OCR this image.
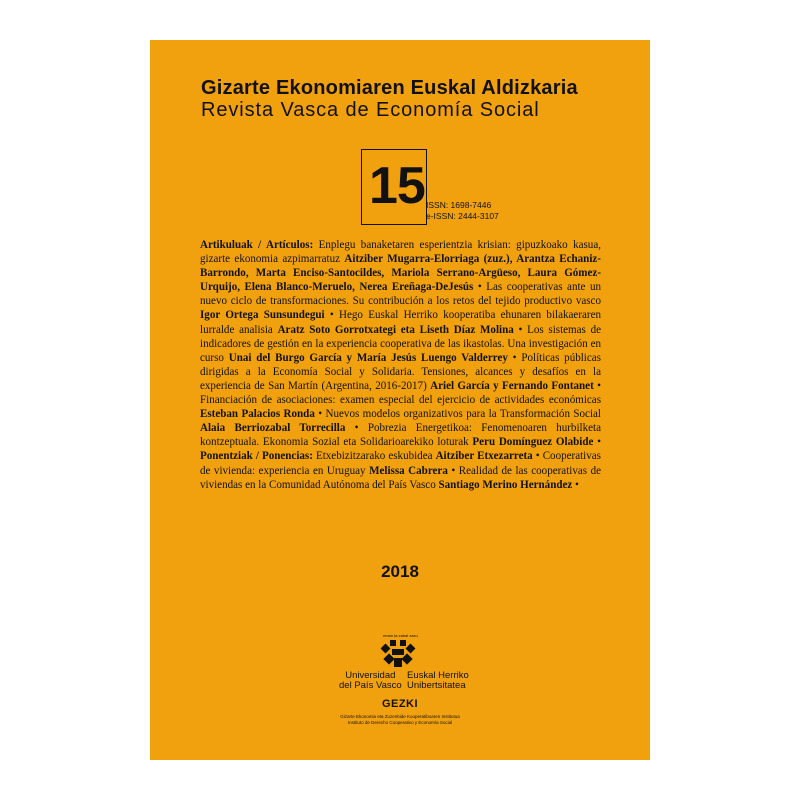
Gizarte Ekonomiaren Euskal Aldizkaria
Revista Vasca de Economía Social
15 ISSN: 1698-7446
e-ISSN: 2444-3107
Artikuluak / Artículos: Enplegu banaketaren esperientzia krisian: gipuzkoako kasua, gizarte ekonomia azpimarratuz Aitziber Mugarra-Elorriaga (zuz.), Arantza Echaniz-Barrondo, Marta Enciso-Santocildes, Mariola Serrano-Argüeso, Laura Gómez-Urquijo, Elena Blanco-Meruelo, Nerea Ereñaga-DeJesús • Las cooperativas ante un nuevo ciclo de transformaciones. Su contribución a los retos del tejido productivo vasco Igor Ortega Sunsundegui • Hego Euskal Herriko kooperatiba ehunaren bilakaeraren lurralde analisia Aratz Soto Gorrotxategi eta Liseth Díaz Molina • Los sistemas de indicadores de gestión en la experiencia cooperativa de las ikastolas. Una investigación en curso Unai del Burgo García y María Jesús Luengo Valderrey • Políticas públicas dirigidas a la Economía Social y Solidaria. Tensiones, alcances y desafíos en la experiencia de San Martín (Argentina, 2016-2017) Ariel García y Fernando Fontanet • Financiación de asociaciones: examen especial del ejercicio de actividades económicas Esteban Palacios Ronda • Nuevos modelos organizativos para la Transformación Social Alaia Berriozabal Torrecilla • Pobrezia Energetikoa: Fenomenoaren hurbilketa kontzeptuala. Ekonomia Sozial eta Solidarioarekiko loturak Peru Domínguez Olabide • Ponentziak / Ponencias: Etxebizitzarako eskubidea Aitziber Etxezarreta • Cooperativas de vivienda: experiencia en Uruguay Melissa Cabrera • Realidad de las cooperativas de viviendas en la Comunidad Autónoma del País Vasco Santiago Merino Hernández •
2018
eman ta zabal zazu
Universidad
del País Vasco
Euskal Herriko
Unibertsitatea
GEZKI
Gizarte Ekonomia eta Zuzenbide Kooperatiboaren Institutua
Instituto de Derecho Cooperativo y Economía Social
